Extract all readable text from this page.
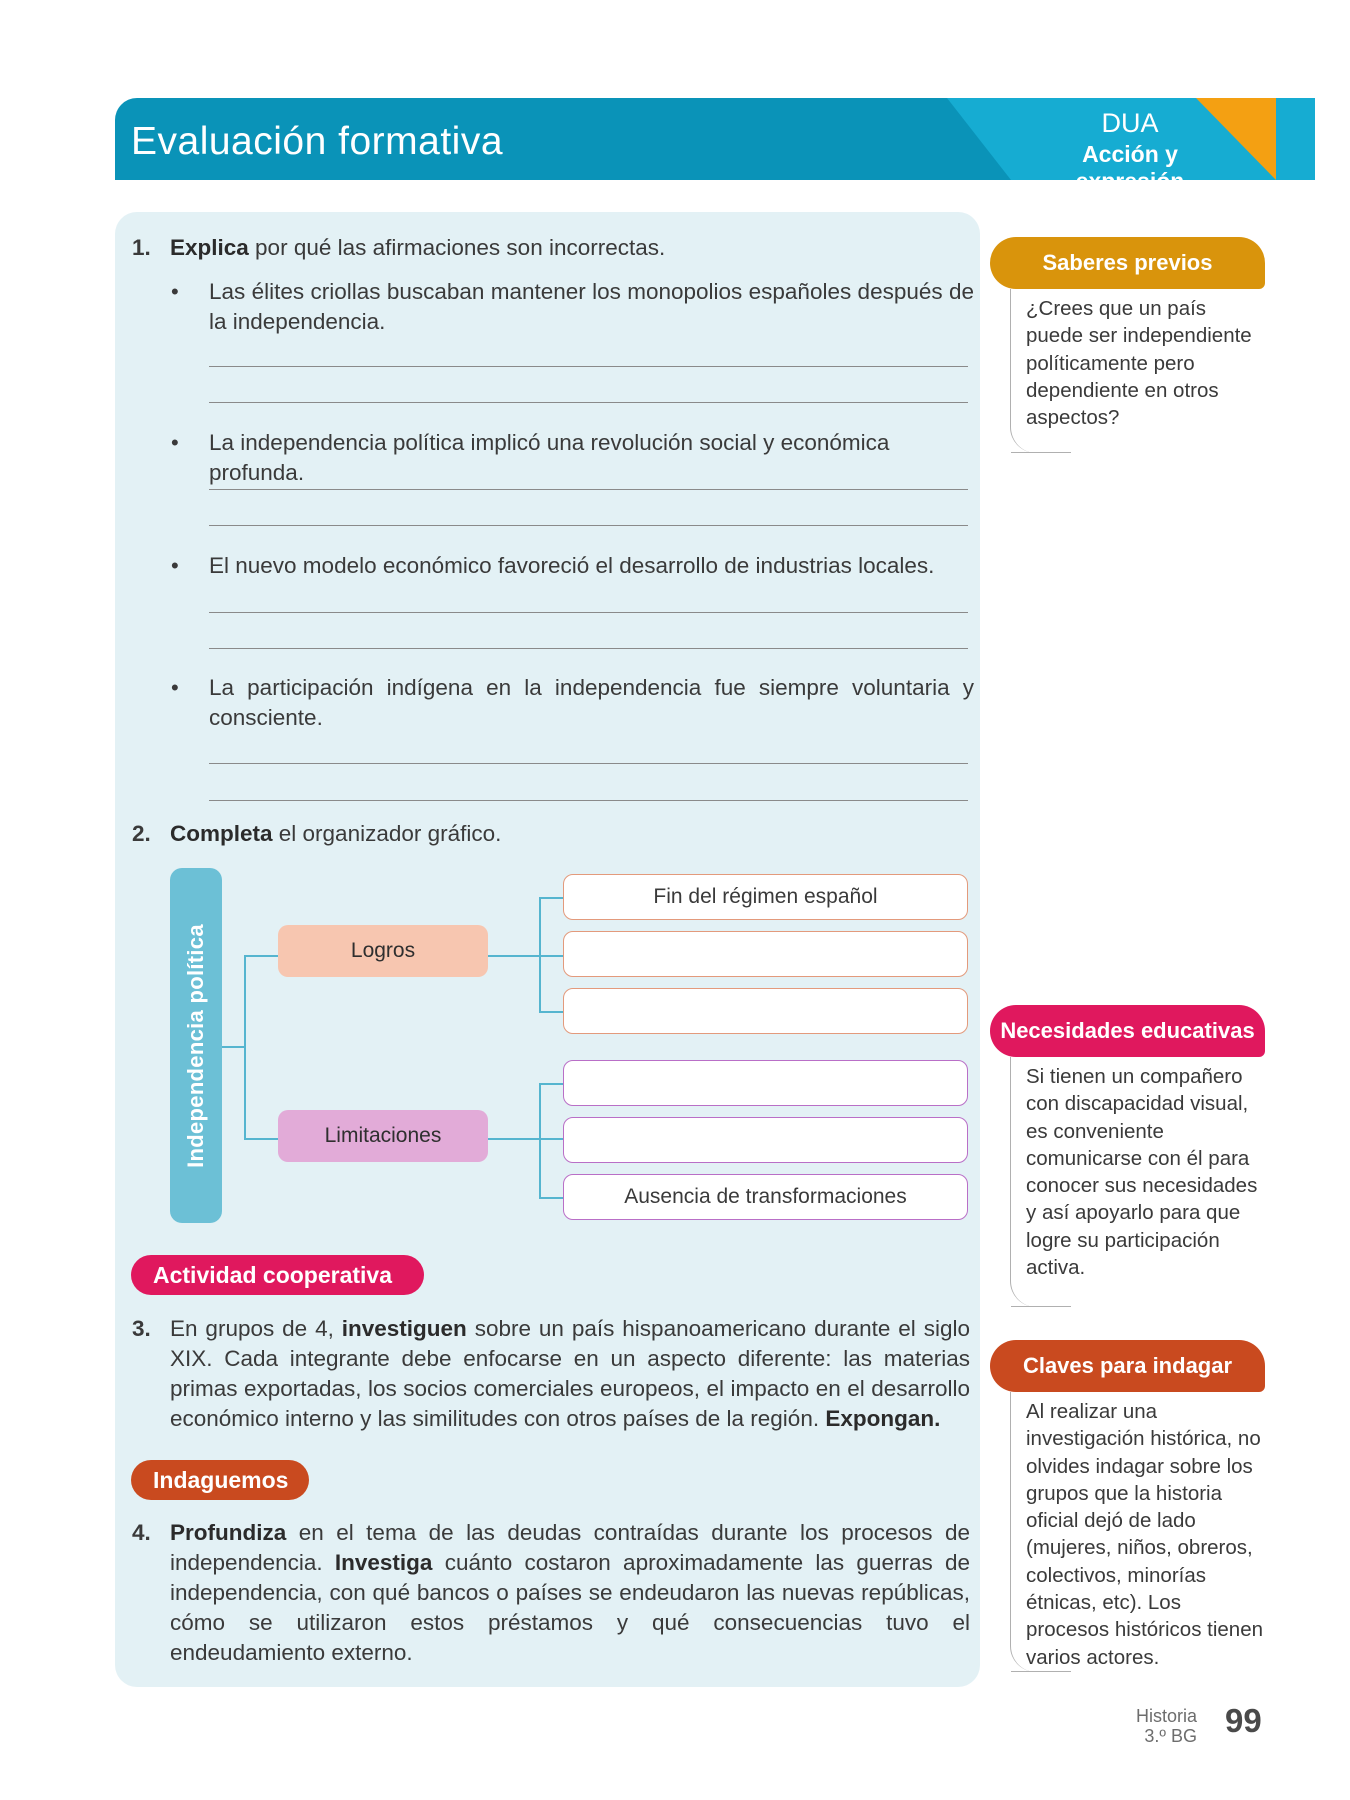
Evaluación formativa	DUA
Acción y expresión
1. Explica por qué las afirmaciones son incorrectas.
• Las élites criollas buscaban mantener los monopolios españoles después de la independencia.
• La independencia política implicó una revolución social y económica profunda.
• El nuevo modelo económico favoreció el desarrollo de industrias locales.
• La participación indígena en la independencia fue siempre voluntaria y consciente.
2. Completa el organizador gráfico.
Independencia política	Logros
Limitaciones
Fin del régimen español
Ausencia de transformaciones
Actividad cooperativa
3. En grupos de 4, investiguen sobre un país hispanoamericano durante el siglo XIX. Cada integrante debe enfocarse en un aspecto diferente: las materias primas exportadas, los socios comerciales europeos, el impacto en el desarrollo económico interno y las similitudes con otros países de la región. Expongan.
Indaguemos
4. Profundiza en el tema de las deudas contraídas durante los procesos de independencia. Investiga cuánto costaron aproximadamente las guerras de independencia, con qué bancos o países se endeudaron las nuevas repúblicas, cómo se utilizaron estos préstamos y qué consecuencias tuvo el endeudamiento externo.
Saberes previos
¿Crees que un país puede ser independiente políticamente pero dependiente en otros aspectos?
Necesidades educativas
Si tienen un compañero con discapacidad visual, es conveniente comunicarse con él para conocer sus necesidades y así apoyarlo para que logre su participación activa.
Claves para indagar
Al realizar una investigación histórica, no olvides indagar sobre los grupos que la historia oficial dejó de lado (mujeres, niños, obreros, colectivos, minorías étnicas, etc). Los procesos históricos tienen varios actores.
Historia
3.º BG 99
